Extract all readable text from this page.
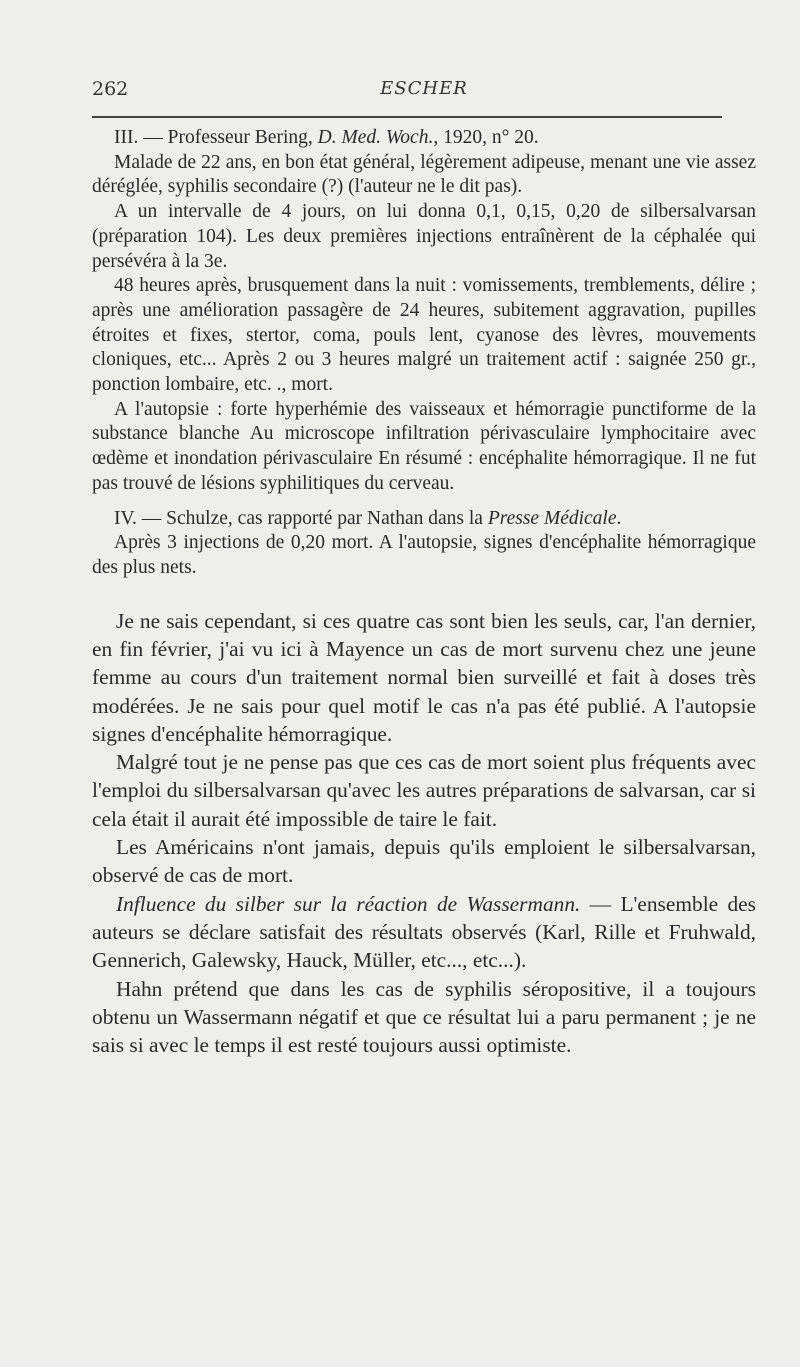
262	ESCHER

III. — Professeur Bering, D. Med. Woch., 1920, n° 20.

Malade de 22 ans, en bon état général, légèrement adipeuse, menant une vie assez déréglée, syphilis secondaire (?) (l'auteur ne le dit pas).

A un intervalle de 4 jours, on lui donna 0,1, 0,15, 0,20 de silbersalvarsan (préparation 104). Les deux premières injections entraînèrent de la céphalée qui persévéra à la 3e.

48 heures après, brusquement dans la nuit : vomissements, tremblements, délire ; après une amélioration passagère de 24 heures, subitement aggravation, pupilles étroites et fixes, stertor, coma, pouls lent, cyanose des lèvres, mouvements cloniques, etc... Après 2 ou 3 heures malgré un traitement actif : saignée 250 gr., ponction lombaire, etc. ., mort.

A l'autopsie : forte hyperhémie des vaisseaux et hémorragie punctiforme de la substance blanche Au microscope infiltration périvasculaire lymphocitaire avec œdème et inondation périvasculaire En résumé : encéphalite hémorragique. Il ne fut pas trouvé de lésions syphilitiques du cerveau.

IV. — Schulze, cas rapporté par Nathan dans la Presse Médicale.

Après 3 injections de 0,20 mort. A l'autopsie, signes d'encéphalite hémorragique des plus nets.

Je ne sais cependant, si ces quatre cas sont bien les seuls, car, l'an dernier, en fin février, j'ai vu ici à Mayence un cas de mort survenu chez une jeune femme au cours d'un traitement normal bien surveillé et fait à doses très modérées. Je ne sais pour quel motif le cas n'a pas été publié. A l'autopsie signes d'encéphalite hémorragique.

Malgré tout je ne pense pas que ces cas de mort soient plus fréquents avec l'emploi du silbersalvarsan qu'avec les autres préparations de salvarsan, car si cela était il aurait été impossible de taire le fait.

Les Américains n'ont jamais, depuis qu'ils emploient le silbersalvarsan, observé de cas de mort.

Influence du silber sur la réaction de Wassermann. — L'ensemble des auteurs se déclare satisfait des résultats observés (Karl, Rille et Fruhwald, Gennerich, Galewsky, Hauck, Müller, etc..., etc...).

Hahn prétend que dans les cas de syphilis séropositive, il a toujours obtenu un Wassermann négatif et que ce résultat lui a paru permanent ; je ne sais si avec le temps il est resté toujours aussi optimiste.
